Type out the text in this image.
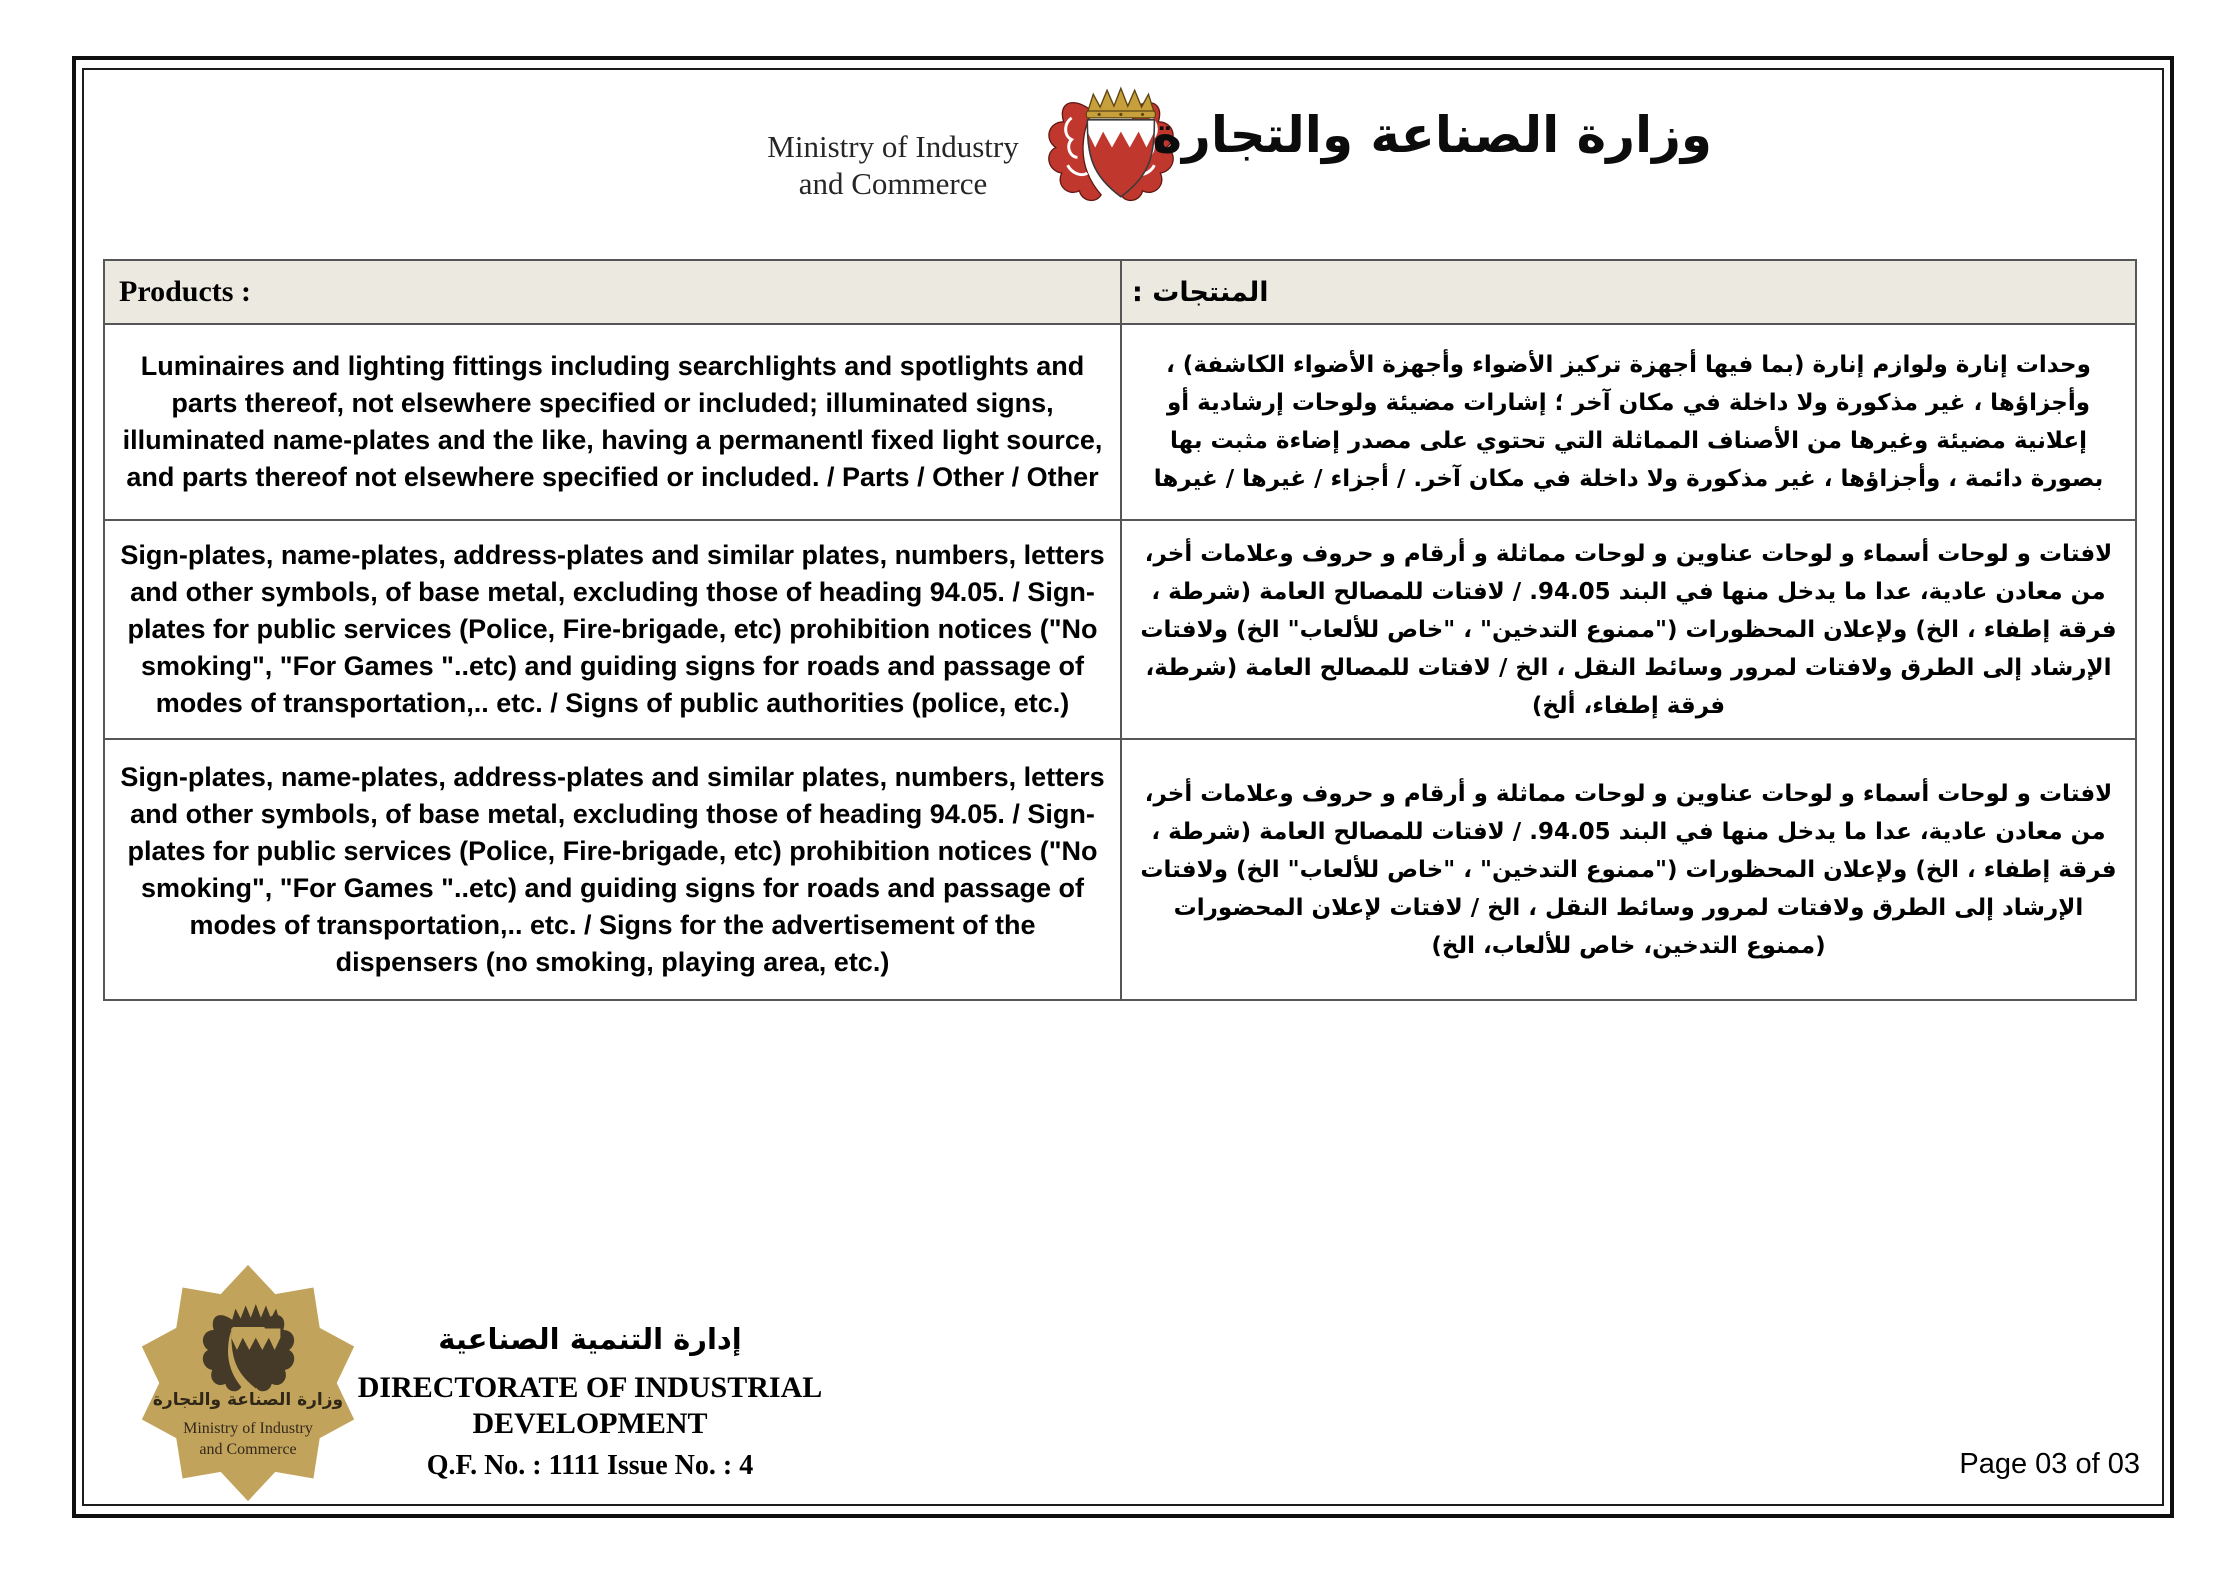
Ministry of Industry
and Commerce
وزارة الصناعة والتجارة
Products :	المنتجات :
Luminaires and lighting fittings including searchlights and spotlights and parts thereof, not elsewhere specified or included; illuminated signs, illuminated name-plates and the like, having a permanentl fixed light source, and parts thereof not elsewhere specified or included. / Parts / Other / Other
وحدات إنارة ولوازم إنارة (بما فيها أجهزة تركيز الأضواء وأجهزة الأضواء الكاشفة) ، وأجزاؤها ، غير مذكورة ولا داخلة في مكان آخر ؛ إشارات مضيئة ولوحات إرشادية أو إعلانية مضيئة وغيرها من الأصناف المماثلة التي تحتوي على مصدر إضاءة مثبت بها بصورة دائمة ، وأجزاؤها ، غير مذكورة ولا داخلة في مكان آخر. / أجزاء / غيرها / غيرها
Sign-plates, name-plates, address-plates and similar plates, numbers, letters and other symbols, of base metal, excluding those of heading 94.05. / Sign-plates for public services (Police, Fire-brigade, etc) prohibition notices ("No smoking", "For Games "..etc) and guiding signs for roads and passage of modes of transportation,.. etc. / Signs of public authorities (police, etc.)
لافتات و لوحات أسماء و لوحات عناوين و لوحات مماثلة و أرقام و حروف وعلامات أخر، من معادن عادية، عدا ما يدخل منها في البند 94.05. / لافتات للمصالح العامة (شرطة ، فرقة إطفاء ، الخ) ولإعلان المحظورات ("ممنوع التدخين" ، "خاص للألعاب" الخ) ولافتات الإرشاد إلى الطرق ولافتات لمرور وسائط النقل ، الخ / لافتات للمصالح العامة (شرطة، فرقة إطفاء، ألخ)
Sign-plates, name-plates, address-plates and similar plates, numbers, letters and other symbols, of base metal, excluding those of heading 94.05. / Sign-plates for public services (Police, Fire-brigade, etc) prohibition notices ("No smoking", "For Games "..etc) and guiding signs for roads and passage of modes of transportation,.. etc. / Signs for the advertisement of the dispensers (no smoking, playing area, etc.)
لافتات و لوحات أسماء و لوحات عناوين و لوحات مماثلة و أرقام و حروف وعلامات أخر، من معادن عادية، عدا ما يدخل منها في البند 94.05. / لافتات للمصالح العامة (شرطة ، فرقة إطفاء ، الخ) ولإعلان المحظورات ("ممنوع التدخين" ، "خاص للألعاب" الخ) ولافتات الإرشاد إلى الطرق ولافتات لمرور وسائط النقل ، الخ / لافتات لإعلان المحضورات (ممنوع التدخين، خاص للألعاب، الخ)
وزارة الصناعة والتجارة
Ministry of Industry
and Commerce
إدارة التنمية الصناعية
DIRECTORATE OF INDUSTRIAL
DEVELOPMENT
Q.F. No. : 1111 Issue No. : 4	Page 03 of 03
